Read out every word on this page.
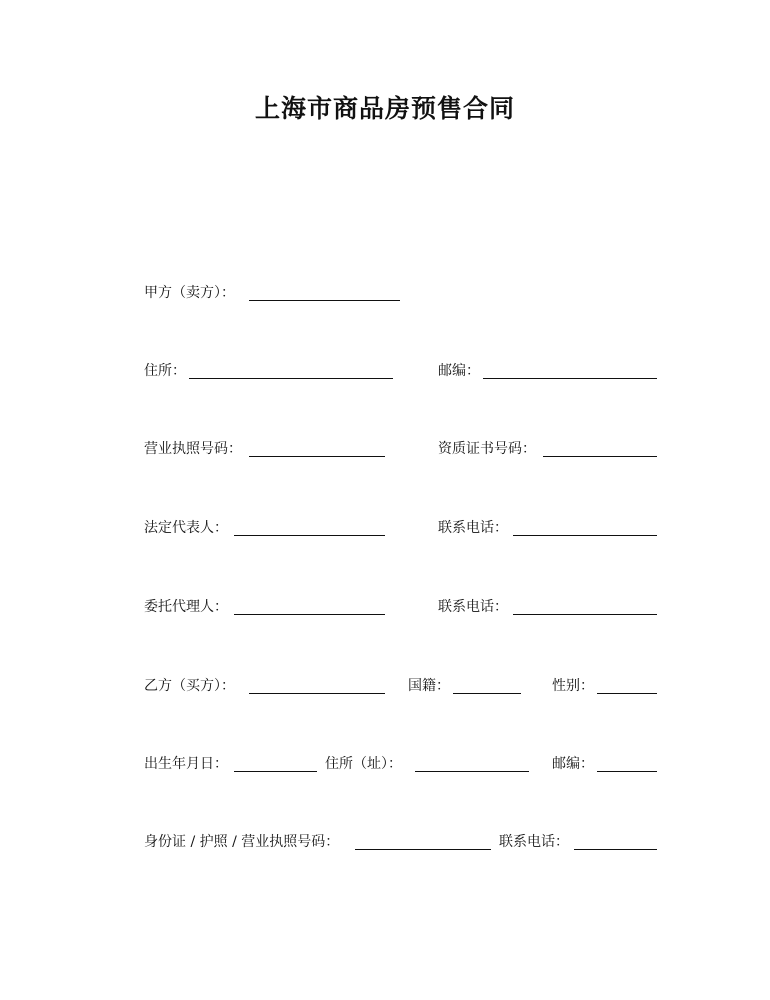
上海市商品房预售合同
甲方（卖方）：
住所：	邮编：
营业执照号码：	资质证书号码：
法定代表人：	联系电话：
委托代理人：	联系电话：
乙方（买方）：	国籍：	性别：
出生年月日：	住所（址）：	邮编：
身份证 / 护照 / 营业执照号码：	联系电话：
